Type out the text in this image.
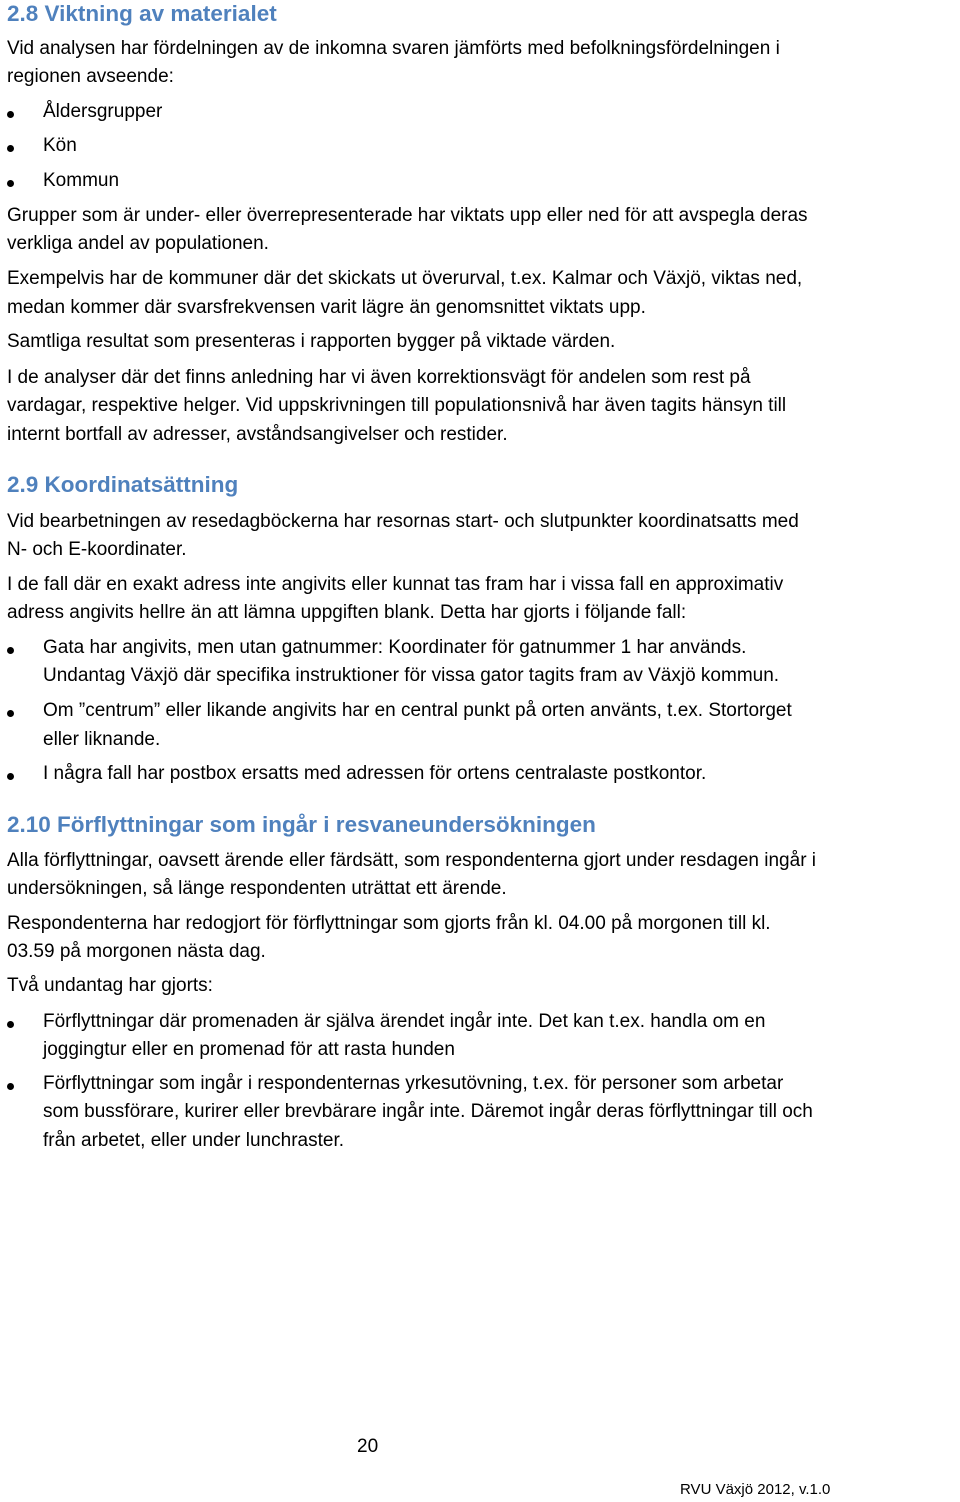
2.8 Viktning av materialet

Vid analysen har fördelningen av de inkomna svaren jämförts med befolkningsfördelningen i

regionen avseende:

Åldersgrupper

Kön

Kommun

Grupper som är under- eller överrepresenterade har viktats upp eller ned för att avspegla deras

verkliga andel av populationen.

Exempelvis har de kommuner där det skickats ut överurval, t.ex. Kalmar och Växjö, viktas ned,

medan kommer där svarsfrekvensen varit lägre än genomsnittet viktats upp.

Samtliga resultat som presenteras i rapporten bygger på viktade värden.

I de analyser där det finns anledning har vi även korrektionsvägt för andelen som rest på

vardagar, respektive helger. Vid uppskrivningen till populationsnivå har även tagits hänsyn till

internt bortfall av adresser, avståndsangivelser och restider.

2.9 Koordinatsättning

Vid bearbetningen av resedagböckerna har resornas start- och slutpunkter koordinatsatts med

N- och E-koordinater.

I de fall där en exakt adress inte angivits eller kunnat tas fram har i vissa fall en approximativ

adress angivits hellre än att lämna uppgiften blank. Detta har gjorts i följande fall:

Gata har angivits, men utan gatnummer: Koordinater för gatnummer 1 har används.

Undantag Växjö där specifika instruktioner för vissa gator tagits fram av Växjö kommun.

Om ”centrum” eller likande angivits har en central punkt på orten använts, t.ex. Stortorget

eller liknande.

I några fall har postbox ersatts med adressen för ortens centralaste postkontor.

2.10 Förflyttningar som ingår i resvaneundersökningen

Alla förflyttningar, oavsett ärende eller färdsätt, som respondenterna gjort under resdagen ingår i

undersökningen, så länge respondenten uträttat ett ärende.

Respondenterna har redogjort för förflyttningar som gjorts från kl. 04.00 på morgonen till kl.

03.59 på morgonen nästa dag.

Två undantag har gjorts:

Förflyttningar där promenaden är själva ärendet ingår inte. Det kan t.ex. handla om en

joggingtur eller en promenad för att rasta hunden

Förflyttningar som ingår i respondenternas yrkesutövning, t.ex. för personer som arbetar

som bussförare, kurirer eller brevbärare ingår inte. Däremot ingår deras förflyttningar till och

från arbetet, eller under lunchraster.

20
RVU Växjö 2012, v.1.0
